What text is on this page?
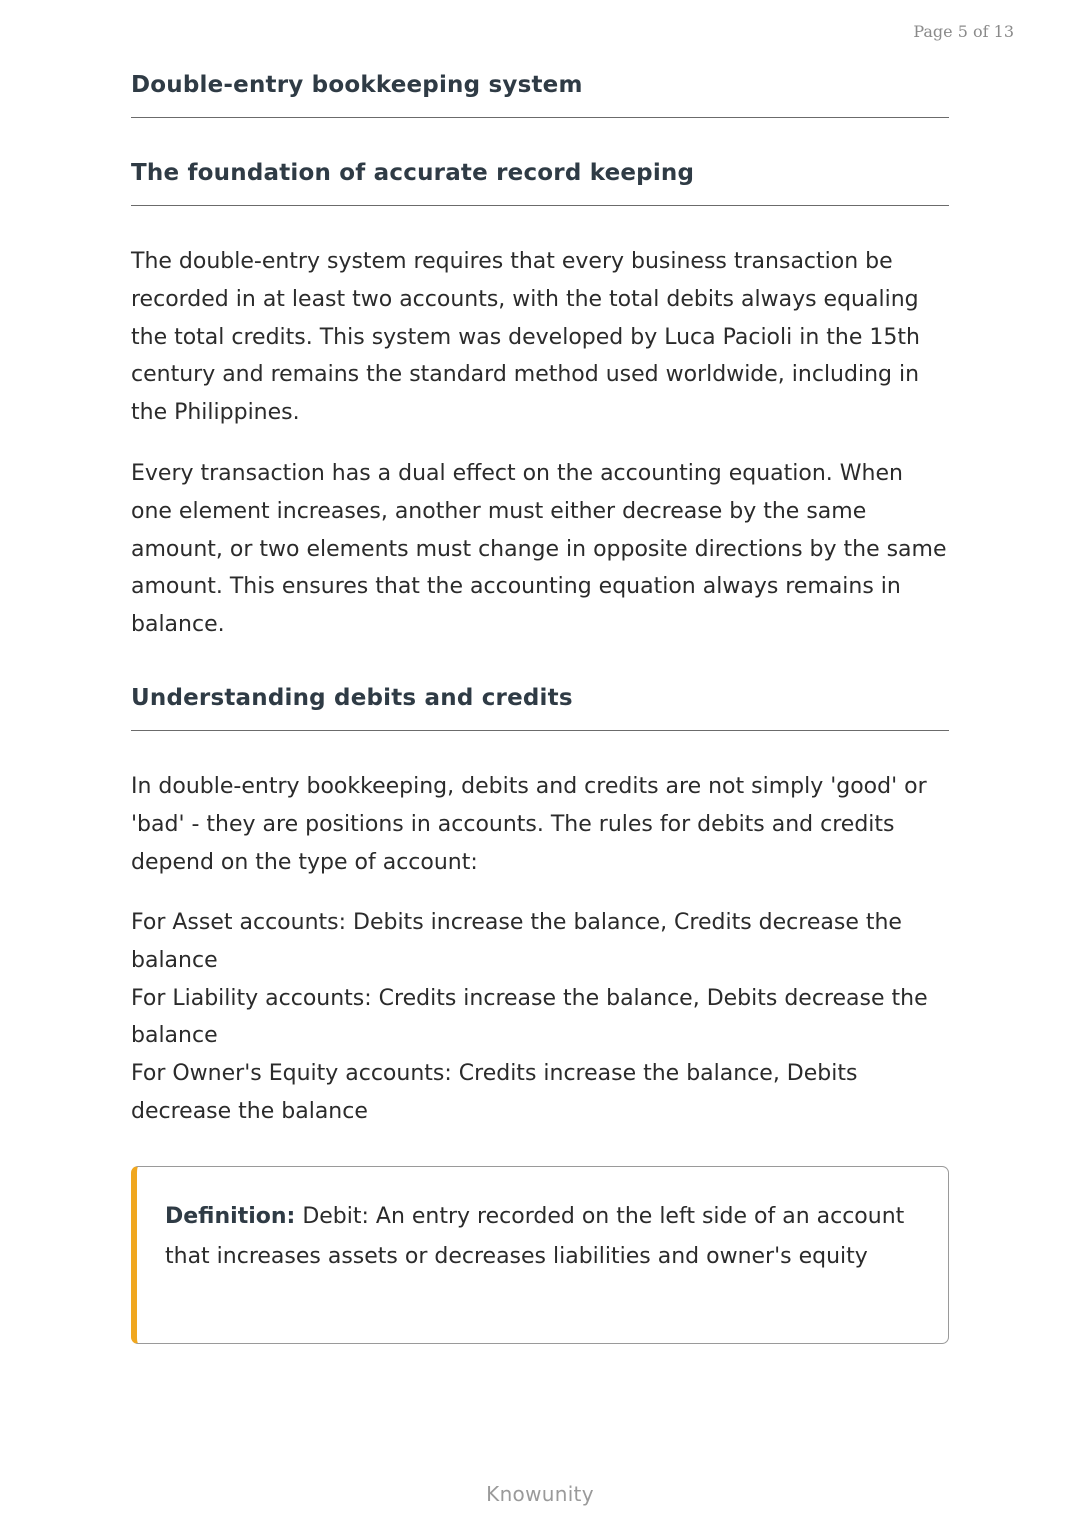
Page 5 of 13
Double-entry bookkeeping system
The foundation of accurate record keeping

The double-entry system requires that every business transaction be recorded in at least two accounts, with the total debits always equaling the total credits. This system was developed by Luca Pacioli in the 15th century and remains the standard method used worldwide, including in the Philippines.

Every transaction has a dual effect on the accounting equation. When one element increases, another must either decrease by the same amount, or two elements must change in opposite directions by the same amount. This ensures that the accounting equation always remains in balance.

Understanding debits and credits

In double-entry bookkeeping, debits and credits are not simply 'good' or 'bad' - they are positions in accounts. The rules for debits and credits depend on the type of account:

For Asset accounts: Debits increase the balance, Credits decrease the balance
For Liability accounts: Credits increase the balance, Debits decrease the balance
For Owner's Equity accounts: Credits increase the balance, Debits decrease the balance

Definition: Debit: An entry recorded on the left side of an account that increases assets or decreases liabilities and owner's equity

Knowunity
